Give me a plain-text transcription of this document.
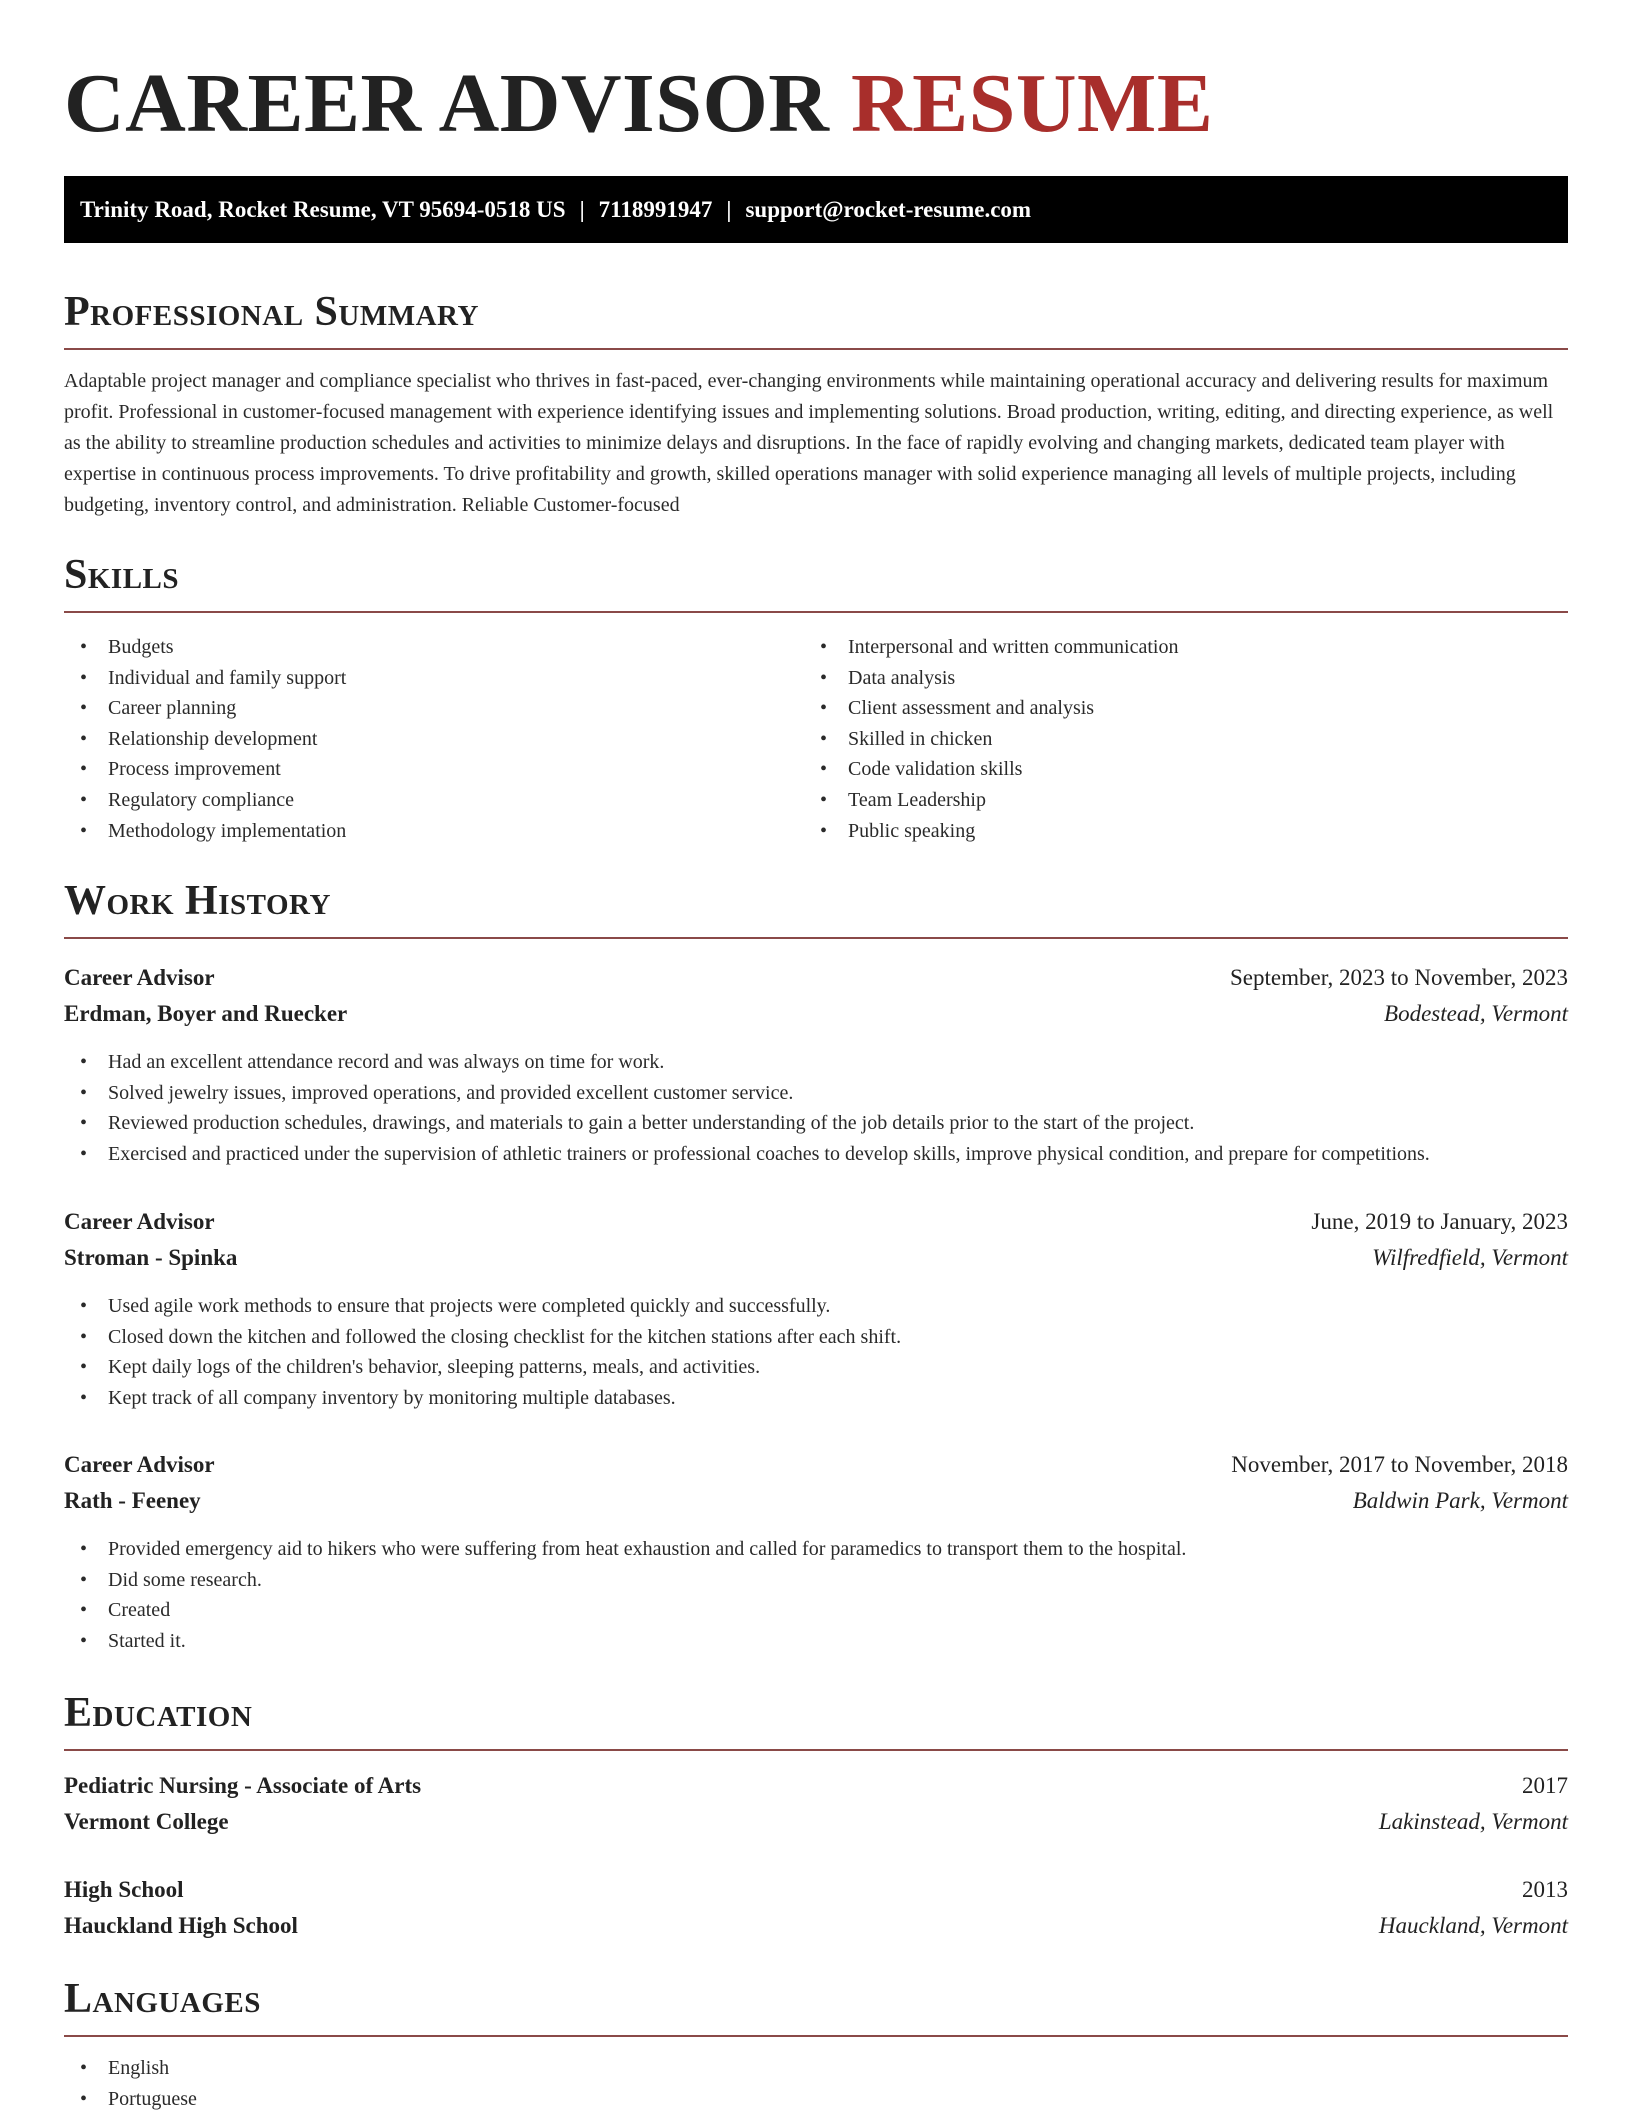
CAREER ADVISOR RESUME
Trinity Road, Rocket Resume, VT 95694-0518 US | 7118991947 | support@rocket-resume.com
Professional Summary
Adaptable project manager and compliance specialist who thrives in fast-paced, ever-changing environments while maintaining operational accuracy and delivering results for maximum profit. Professional in customer-focused management with experience identifying issues and implementing solutions. Broad production, writing, editing, and directing experience, as well as the ability to streamline production schedules and activities to minimize delays and disruptions. In the face of rapidly evolving and changing markets, dedicated team player with expertise in continuous process improvements. To drive profitability and growth, skilled operations manager with solid experience managing all levels of multiple projects, including budgeting, inventory control, and administration. Reliable Customer-focused
Skills
• Budgets
• Individual and family support
• Career planning
• Relationship development
• Process improvement
• Regulatory compliance
• Methodology implementation
• Interpersonal and written communication
• Data analysis
• Client assessment and analysis
• Skilled in chicken
• Code validation skills
• Team Leadership
• Public speaking
Work History
Career Advisor	September, 2023 to November, 2023
Erdman, Boyer and Ruecker	Bodestead, Vermont
• Had an excellent attendance record and was always on time for work.
• Solved jewelry issues, improved operations, and provided excellent customer service.
• Reviewed production schedules, drawings, and materials to gain a better understanding of the job details prior to the start of the project.
• Exercised and practiced under the supervision of athletic trainers or professional coaches to develop skills, improve physical condition, and prepare for competitions.
Career Advisor	June, 2019 to January, 2023
Stroman - Spinka	Wilfredfield, Vermont
• Used agile work methods to ensure that projects were completed quickly and successfully.
• Closed down the kitchen and followed the closing checklist for the kitchen stations after each shift.
• Kept daily logs of the children's behavior, sleeping patterns, meals, and activities.
• Kept track of all company inventory by monitoring multiple databases.
Career Advisor	November, 2017 to November, 2018
Rath - Feeney	Baldwin Park, Vermont
• Provided emergency aid to hikers who were suffering from heat exhaustion and called for paramedics to transport them to the hospital.
• Did some research.
• Created
• Started it.
Education
Pediatric Nursing - Associate of Arts	2017
Vermont College	Lakinstead, Vermont
High School	2013
Hauckland High School	Hauckland, Vermont
Languages
• English
• Portuguese
